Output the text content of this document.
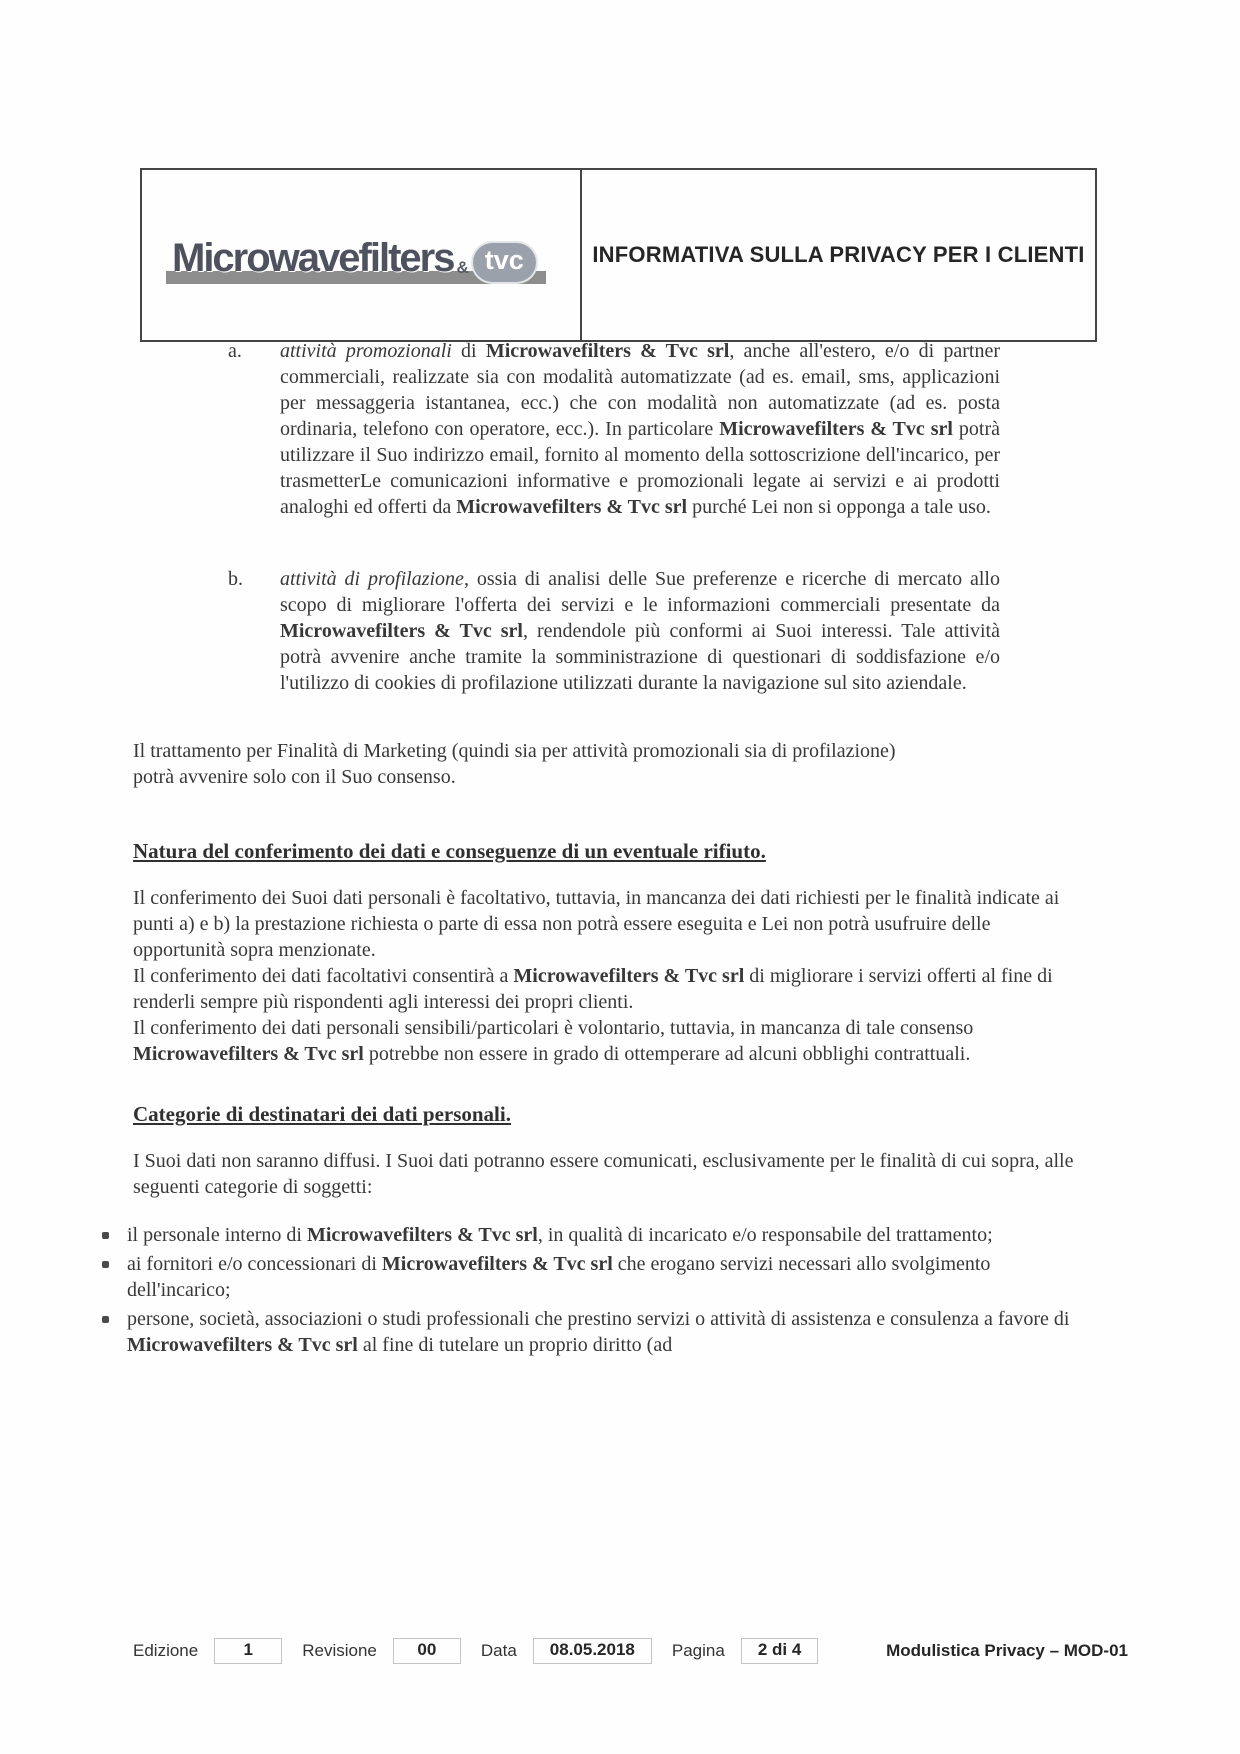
Microwavefilters & tvc	INFORMATIVA SULLA PRIVACY PER I CLIENTI
a.	attività promozionali di Microwavefilters & Tvc srl, anche all'estero, e/o di partner commerciali, realizzate sia con modalità automatizzate (ad es. email, sms, applicazioni per messaggeria istantanea, ecc.) che con modalità non automatizzate (ad es. posta ordinaria, telefono con operatore, ecc.). In particolare Microwavefilters & Tvc srl potrà utilizzare il Suo indirizzo email, fornito al momento della sottoscrizione dell'incarico, per trasmetterLe comunicazioni informative e promozionali legate ai servizi e ai prodotti analoghi ed offerti da Microwavefilters & Tvc srl purché Lei non si opponga a tale uso.
b.	attività di profilazione, ossia di analisi delle Sue preferenze e ricerche di mercato allo scopo di migliorare l'offerta dei servizi e le informazioni commerciali presentate da Microwavefilters & Tvc srl, rendendole più conformi ai Suoi interessi. Tale attività potrà avvenire anche tramite la somministrazione di questionari di soddisfazione e/o l'utilizzo di cookies di profilazione utilizzati durante la navigazione sul sito aziendale.

Il trattamento per Finalità di Marketing (quindi sia per attività promozionali sia di profilazione) potrà avvenire solo con il Suo consenso.

Natura del conferimento dei dati e conseguenze di un eventuale rifiuto.
Il conferimento dei Suoi dati personali è facoltativo, tuttavia, in mancanza dei dati richiesti per le finalità indicate ai punti a) e b) la prestazione richiesta o parte di essa non potrà essere eseguita e Lei non potrà usufruire delle opportunità sopra menzionate.
Il conferimento dei dati facoltativi consentirà a Microwavefilters & Tvc srl di migliorare i servizi offerti al fine di renderli sempre più rispondenti agli interessi dei propri clienti.
Il conferimento dei dati personali sensibili/particolari è volontario, tuttavia, in mancanza di tale consenso Microwavefilters & Tvc srl potrebbe non essere in grado di ottemperare ad alcuni obblighi contrattuali.
Categorie di destinatari dei dati personali.
I Suoi dati non saranno diffusi. I Suoi dati potranno essere comunicati, esclusivamente per le finalità di cui sopra, alle seguenti categorie di soggetti:
il personale interno di Microwavefilters & Tvc srl, in qualità di incaricato e/o responsabile del trattamento;
ai fornitori e/o concessionari di Microwavefilters & Tvc srl che erogano servizi necessari allo svolgimento dell'incarico;
persone, società, associazioni o studi professionali che prestino servizi o attività di assistenza e consulenza a favore di Microwavefilters & Tvc srl al fine di tutelare un proprio diritto (ad
Edizione	1	Revisione	00	Data	08.05.2018	Pagina	2 di 4	Modulistica Privacy – MOD-01
